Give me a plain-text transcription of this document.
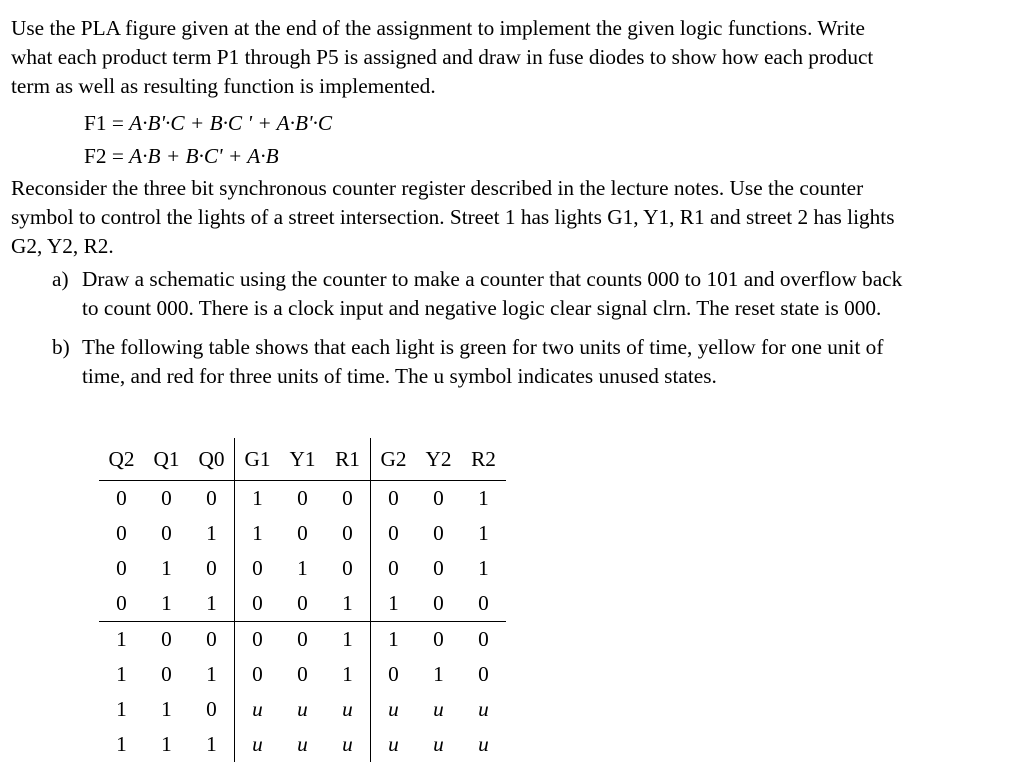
Use the PLA figure given at the end of the assignment to implement the given logic functions. Write
what each product term P1 through P5 is assigned and draw in fuse diodes to show how each product
term as well as resulting function is implemented.
F1 = A·B'·C + B·C ' + A·B'·C
F2 = A·B + B·C' + A·B
Reconsider the three bit synchronous counter register described in the lecture notes. Use the counter
symbol to control the lights of a street intersection. Street 1 has lights G1, Y1, R1 and street 2 has lights
G2, Y2, R2.
a) Draw a schematic using the counter to make a counter that counts 000 to 101 and overflow back
to count 000. There is a clock input and negative logic clear signal clrn. The reset state is 000.
b) The following table shows that each light is green for two units of time, yellow for one unit of
time, and red for three units of time. The u symbol indicates unused states.
Q2	Q1	Q0	G1	Y1	R1	G2	Y2	R2
0	0	0	1	0	0	0	0	1
0	0	1	1	0	0	0	0	1
0	1	0	0	1	0	0	0	1
0	1	1	0	0	1	1	0	0
1	0	0	0	0	1	1	0	0
1	0	1	0	0	1	0	1	0
1	1	0	u	u	u	u	u	u
1	1	1	u	u	u	u	u	u
